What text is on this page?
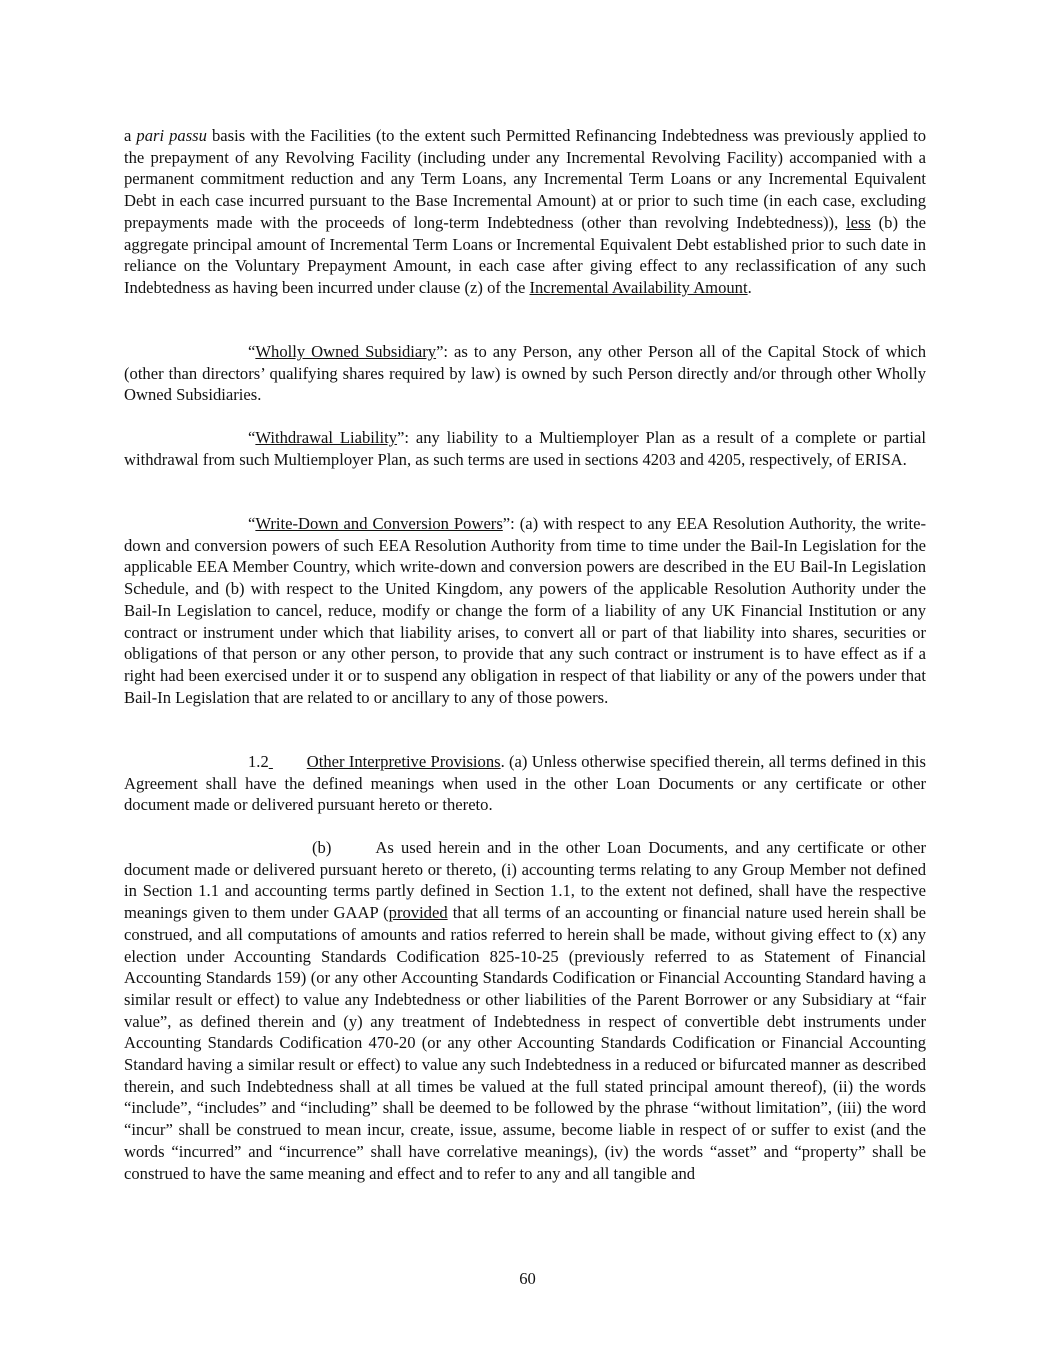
a pari passu basis with the Facilities (to the extent such Permitted Refinancing Indebtedness was previously applied to the prepayment of any Revolving Facility (including under any Incremental Revolving Facility) accompanied with a permanent commitment reduction and any Term Loans, any Incremental Term Loans or any Incremental Equivalent Debt in each case incurred pursuant to the Base Incremental Amount) at or prior to such time (in each case, excluding prepayments made with the proceeds of long-term Indebtedness (other than revolving Indebtedness)), less (b) the aggregate principal amount of Incremental Term Loans or Incremental Equivalent Debt established prior to such date in reliance on the Voluntary Prepayment Amount, in each case after giving effect to any reclassification of any such Indebtedness as having been incurred under clause (z) of the Incremental Availability Amount.

“Wholly Owned Subsidiary”: as to any Person, any other Person all of the Capital Stock of which (other than directors’ qualifying shares required by law) is owned by such Person directly and/or through other Wholly Owned Subsidiaries.

“Withdrawal Liability”: any liability to a Multiemployer Plan as a result of a complete or partial withdrawal from such Multiemployer Plan, as such terms are used in sections 4203 and 4205, respectively, of ERISA.

“Write-Down and Conversion Powers”: (a) with respect to any EEA Resolution Authority, the write-down and conversion powers of such EEA Resolution Authority from time to time under the Bail-In Legislation for the applicable EEA Member Country, which write-down and conversion powers are described in the EU Bail-In Legislation Schedule, and (b) with respect to the United Kingdom, any powers of the applicable Resolution Authority under the Bail-In Legislation to cancel, reduce, modify or change the form of a liability of any UK Financial Institution or any contract or instrument under which that liability arises, to convert all or part of that liability into shares, securities or obligations of that person or any other person, to provide that any such contract or instrument is to have effect as if a right had been exercised under it or to suspend any obligation in respect of that liability or any of the powers under that Bail-In Legislation that are related to or ancillary to any of those powers.

1.2 Other Interpretive Provisions. (a) Unless otherwise specified therein, all terms defined in this Agreement shall have the defined meanings when used in the other Loan Documents or any certificate or other document made or delivered pursuant hereto or thereto.

(b)	As used herein and in the other Loan Documents, and any certificate or other document made or delivered pursuant hereto or thereto, (i) accounting terms relating to any Group Member not defined in Section 1.1 and accounting terms partly defined in Section 1.1, to the extent not defined, shall have the respective meanings given to them under GAAP (provided that all terms of an accounting or financial nature used herein shall be construed, and all computations of amounts and ratios referred to herein shall be made, without giving effect to (x) any election under Accounting Standards Codification 825-10-25 (previously referred to as Statement of Financial Accounting Standards 159) (or any other Accounting Standards Codification or Financial Accounting Standard having a similar result or effect) to value any Indebtedness or other liabilities of the Parent Borrower or any Subsidiary at “fair value”, as defined therein and (y) any treatment of Indebtedness in respect of convertible debt instruments under Accounting Standards Codification 470-20 (or any other Accounting Standards Codification or Financial Accounting Standard having a similar result or effect) to value any such Indebtedness in a reduced or bifurcated manner as described therein, and such Indebtedness shall at all times be valued at the full stated principal amount thereof), (ii) the words “include”, “includes” and “including” shall be deemed to be followed by the phrase “without limitation”, (iii) the word “incur” shall be construed to mean incur, create, issue, assume, become liable in respect of or suffer to exist (and the words “incurred” and “incurrence” shall have correlative meanings), (iv) the words “asset” and “property” shall be construed to have the same meaning and effect and to refer to any and all tangible and

60
